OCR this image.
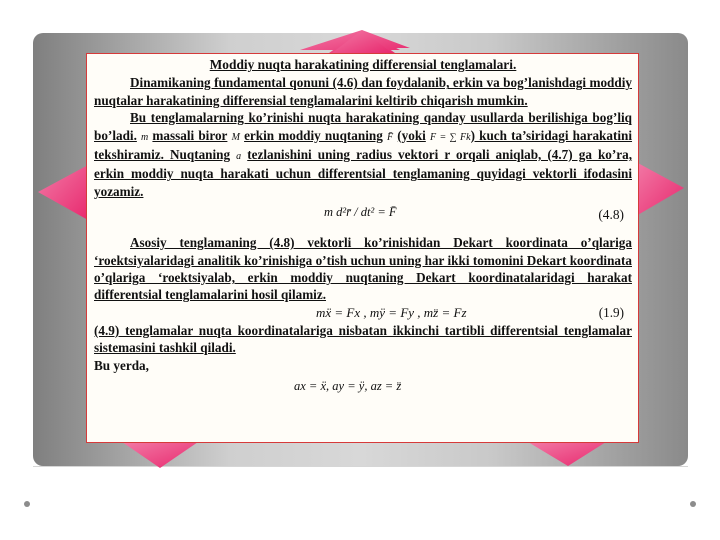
Moddiy nuqta harakatining differensial tenglamalari.

Dinamikaning fundamental qonuni (4.6) dan foydalanib, erkin va bog’lanishdagi moddiy nuqtalar harakatining differensial tenglamalarini keltirib chiqarish mumkin.

Bu tenglamalarning ko’rinishi nuqta harakatining qanday usullarda berilishiga bog’liq bo’ladi. m massali biror M erkin moddiy nuqtaning F̄ (yoki F = ∑ Fk) kuch ta’siridagi harakatini tekshiramiz. Nuqtaning a tezlanishini uning radius vektori r orqali aniqlab, (4.7) ga ko’ra, erkin moddiy nuqta harakati uchun differentsial tenglamaning quyidagi vektorli ifodasini yozamiz.

m d²r̄ / dt² = F̄	(4.8)

Asosiy tenglamaning (4.8) vektorli ko’rinishidan Dekart koordinata o’qlariga ‘roektsiyalaridagi analitik ko’rinishiga o’tish uchun uning har ikki tomonini Dekart koordinata o’qlariga ‘roektsiyalab, erkin moddiy nuqtaning Dekart koordinatalaridagi harakat differentsial tenglamalarini hosil qilamiz.

mẍ = Fx , mÿ = Fy , mz̈ = Fz	(1.9)

(4.9) tenglamalar nuqta koordinatalariga nisbatan ikkinchi tartibli differentsial tenglamalar sistemasini tashkil qiladi.

Bu yerda,

ax = ẍ, ay = ÿ, az = z̈
